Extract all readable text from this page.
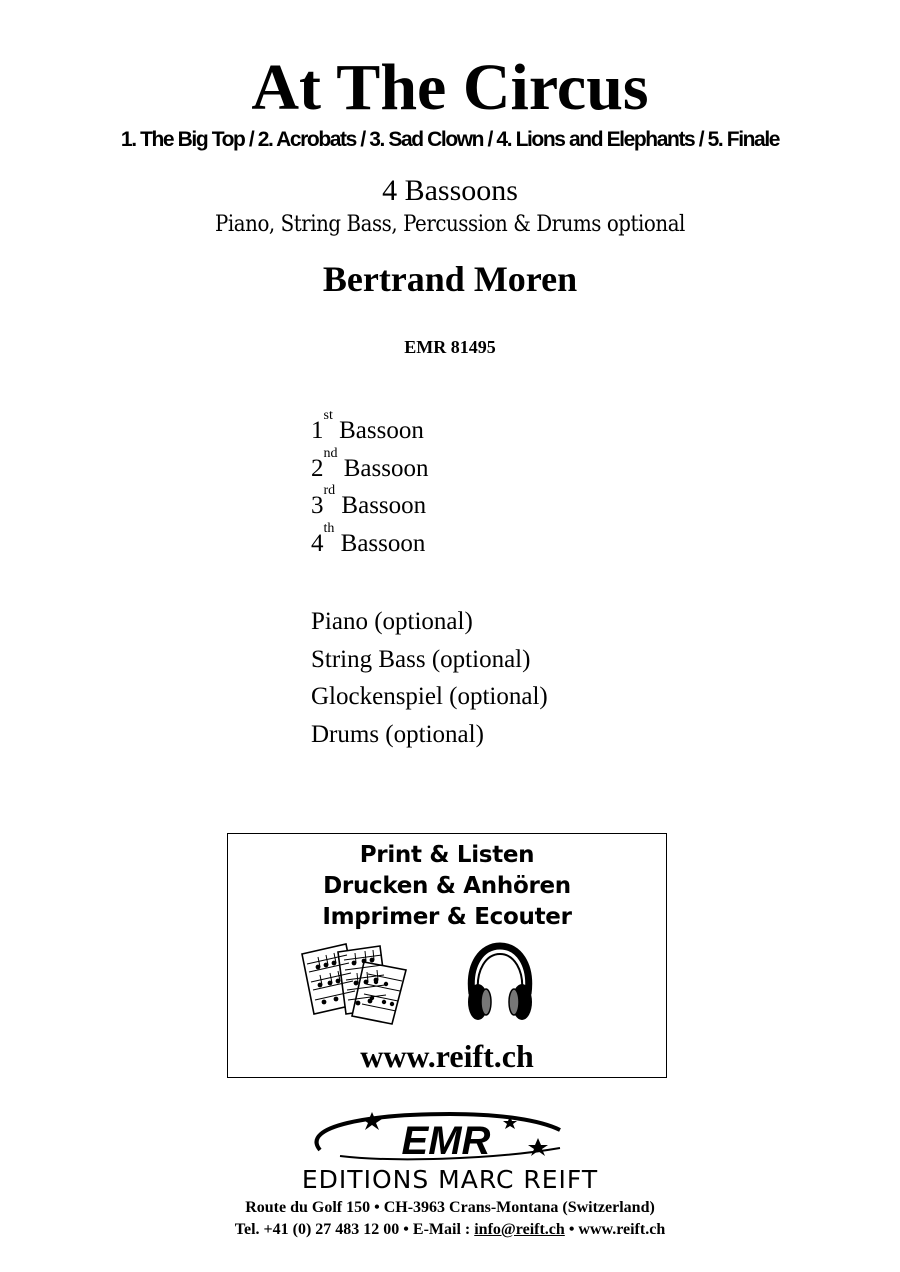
At The Circus
1. The Big Top / 2. Acrobats / 3. Sad Clown / 4. Lions and Elephants / 5. Finale
4 Bassoons
Piano, String Bass, Percussion & Drums optional
Bertrand Moren
EMR 81495
1st Bassoon
2nd Bassoon
3rd Bassoon
4th Bassoon
Piano (optional)
String Bass (optional)
Glockenspiel (optional)
Drums (optional)
Print & Listen
Drucken & Anhören
Imprimer & Ecouter
www.reift.ch
EMR
EDITIONS MARC REIFT
Route du Golf 150 • CH-3963 Crans-Montana (Switzerland)
Tel. +41 (0) 27 483 12 00 • E-Mail : info@reift.ch • www.reift.ch
